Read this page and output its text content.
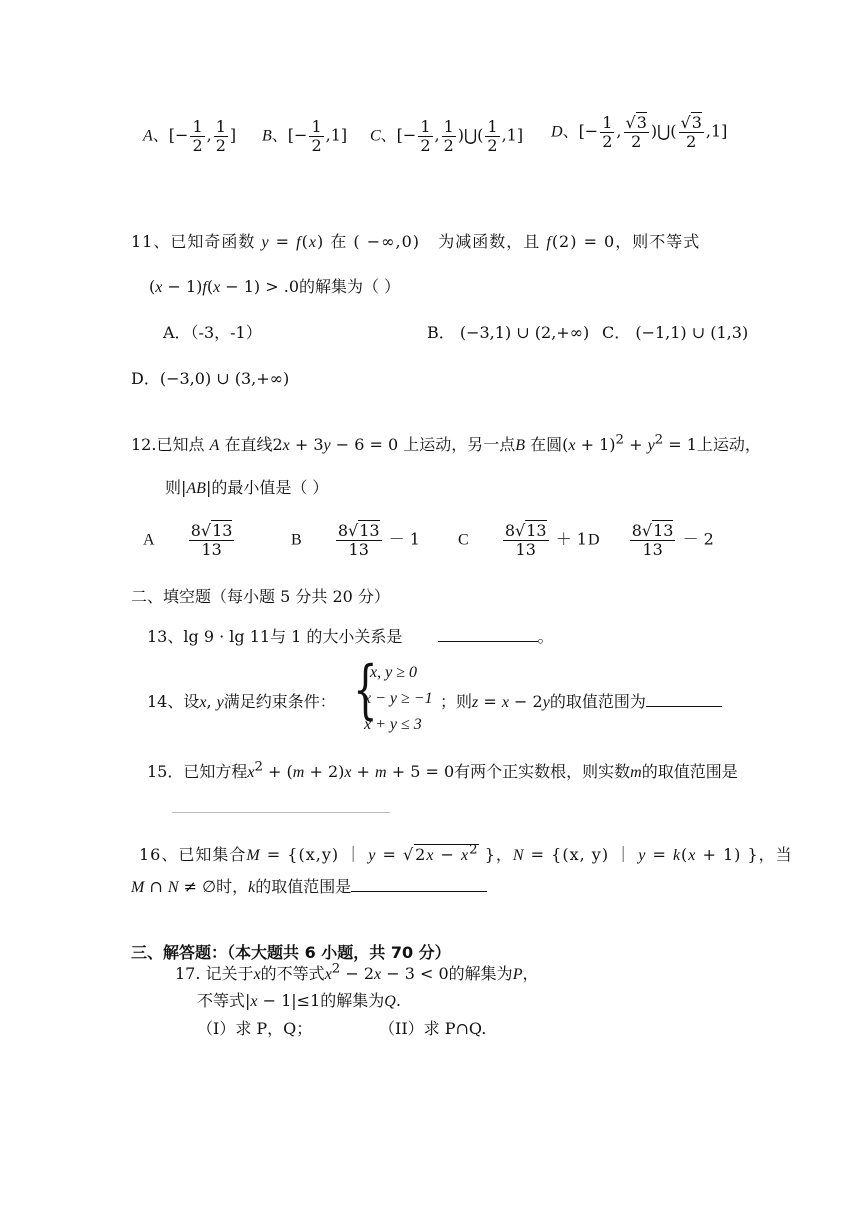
A、[− $\frac{1}{2}$ , $\frac{1}{2}$ ] B、[− $\frac{1}{2} ,1$] C、[− $\frac{1}{2}$ , $\frac{1}{2}$ )⋃( $\frac{1}{2} ,1$] D、[− $\frac{1}{2}$ , $\frac{√3}{2}$ )⋃( $\frac{√3}{2} ,1$]
11、已知奇函数 y = f(x) 在 ( −∞,0)   为减函数，且 f(2) = 0，则不等式
(x − 1)f(x − 1) > .0的解集为（ ）
A．（-3，-1）	B． (−3,1) ∪ (2,+∞) C． (−1,1) ∪ (1,3)
D．(−3,0) ∪ (3,+∞)
12.已知点 A 在直线2x + 3y − 6 = 0 上运动，另一点B 在圆$(x + 1)^2 + y^2 = 1$上运动，
则|AB|的最小值是（ ）
A $\frac{8√13}{13}$	B $\frac{8√13}{13} - 1$ C $\frac{8√13}{13} + 1$ D $\frac{8√13}{13} - 2$
二、填空题（每小题 5 分共 20 分）
13、lg 9 · lg 11与 1 的大小关系是	。
14、设x, y满足约束条件： {
x, y ≥ 0
x − y ≥ −1
x + y ≤ 3
；则z = x − 2y的取值范围为
15．已知方程$x^2 + (m + 2)x + m + 5 = 0$有两个正实数根，则实数m的取值范围是
16、已知集合M = {(x,y) ｜ $y = √2x - x^2$ }，N = {(x, y) ｜ y = k(x + 1) }，当
M ∩ N ≠ ∅时，k的取值范围是
三、解答题：（本大题共 6 小题，共 70 分）
17. 记关于x的不等式$x^2 - 2x - 3 < 0$的解集为P，
不等式|x − 1|≤1的解集为Q.
（I）求 P，Q；	（II）求 P∩Q.
